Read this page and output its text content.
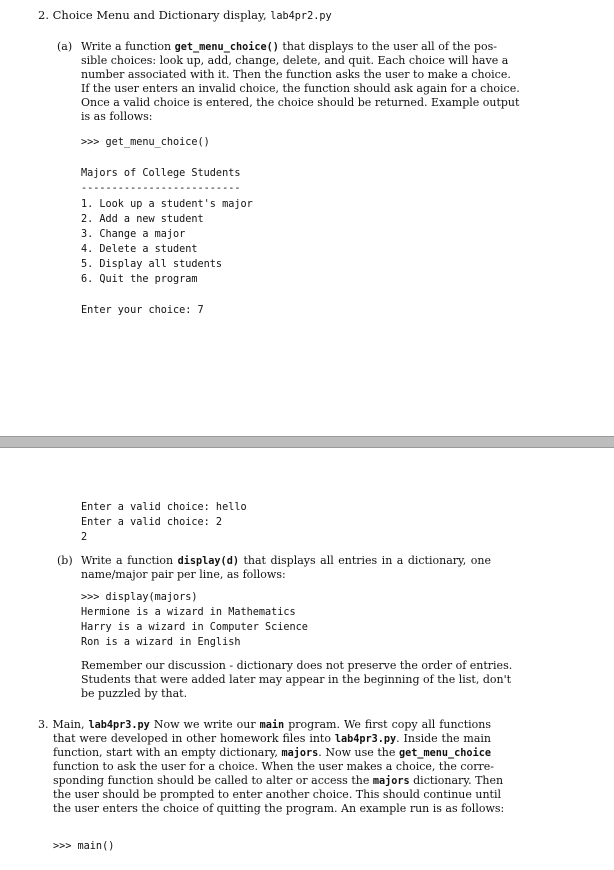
2. Choice Menu and Dictionary display, lab4pr2.py
(a) Write a function get_menu_choice() that displays to the user all of the pos-
sible choices: look up, add, change, delete, and quit. Each choice will have a
number associated with it. Then the function asks the user to make a choice.
If the user enters an invalid choice, the function should ask again for a choice.
Once a valid choice is entered, the choice should be returned. Example output
is as follows:
>>> get_menu_choice()
Majors of College Students
--------------------------
1. Look up a student's major
2. Add a new student
3. Change a major
4. Delete a student
5. Display all students
6. Quit the program
Enter your choice: 7
Enter a valid choice: hello
Enter a valid choice: 2
2
(b) Write a function display(d) that displays all entries in a dictionary, one
name/major pair per line, as follows:
>>> display(majors)
Hermione is a wizard in Mathematics
Harry is a wizard in Computer Science
Ron is a wizard in English
Remember our discussion - dictionary does not preserve the order of entries.
Students that were added later may appear in the beginning of the list, don't
be puzzled by that.
3. Main, lab4pr3.py Now we write our main program. We first copy all functions
that were developed in other homework files into lab4pr3.py. Inside the main
function, start with an empty dictionary, majors. Now use the get_menu_choice
function to ask the user for a choice. When the user makes a choice, the corre-
sponding function should be called to alter or access the majors dictionary. Then
the user should be prompted to enter another choice. This should continue until
the user enters the choice of quitting the program. An example run is as follows:
>>> main()
